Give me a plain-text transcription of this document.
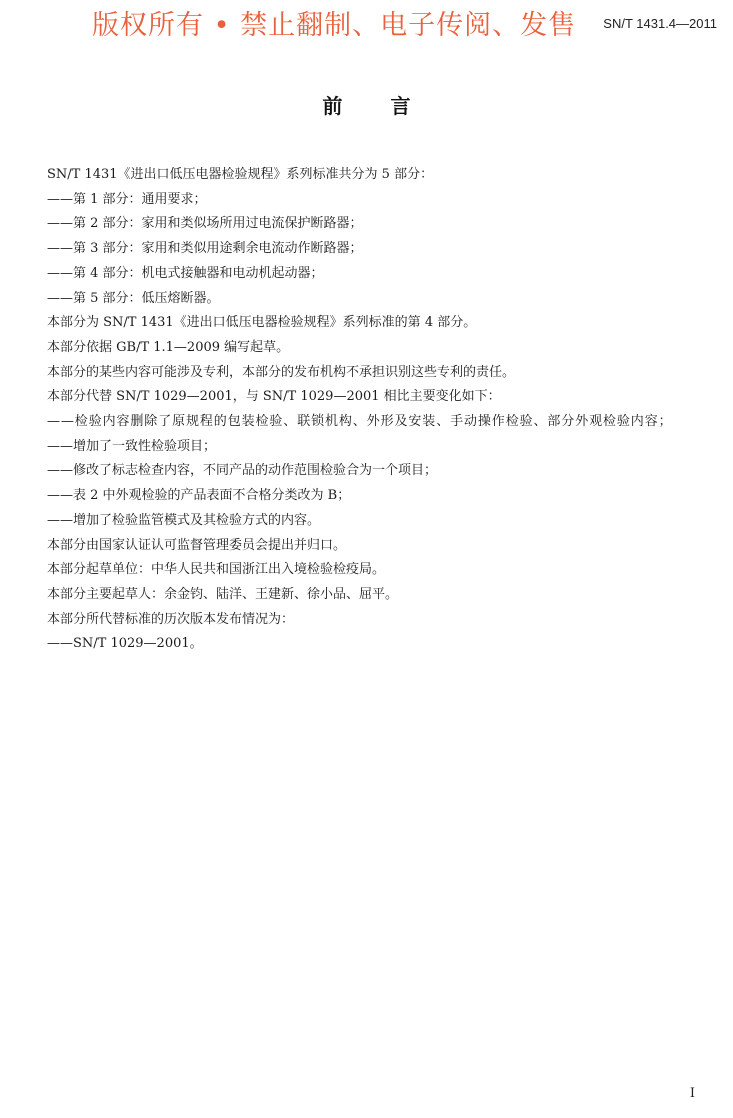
版权所有 • 禁止翻制、电子传阅、发售 SN/T 1431.4—2011
前言
SN/T 1431《进出口低压电器检验规程》系列标准共分为 5 部分：
——第 1 部分：通用要求；
——第 2 部分：家用和类似场所用过电流保护断路器；
——第 3 部分：家用和类似用途剩余电流动作断路器；
——第 4 部分：机电式接触器和电动机起动器；
——第 5 部分：低压熔断器。
本部分为 SN/T 1431《进出口低压电器检验规程》系列标准的第 4 部分。
本部分依据 GB/T 1.1—2009 编写起草。
本部分的某些内容可能涉及专利，本部分的发布机构不承担识别这些专利的责任。
本部分代替 SN/T 1029—2001，与 SN/T 1029—2001 相比主要变化如下：
——检验内容删除了原规程的包装检验、联锁机构、外形及安装、手动操作检验、部分外观检验内容；
——增加了一致性检验项目；
——修改了标志检查内容，不同产品的动作范围检验合为一个项目；
——表 2 中外观检验的产品表面不合格分类改为 B；
——增加了检验监管模式及其检验方式的内容。
本部分由国家认证认可监督管理委员会提出并归口。
本部分起草单位：中华人民共和国浙江出入境检验检疫局。
本部分主要起草人：余金钧、陆洋、王建新、徐小品、屈平。
本部分所代替标准的历次版本发布情况为：
——SN/T 1029—2001。
I
